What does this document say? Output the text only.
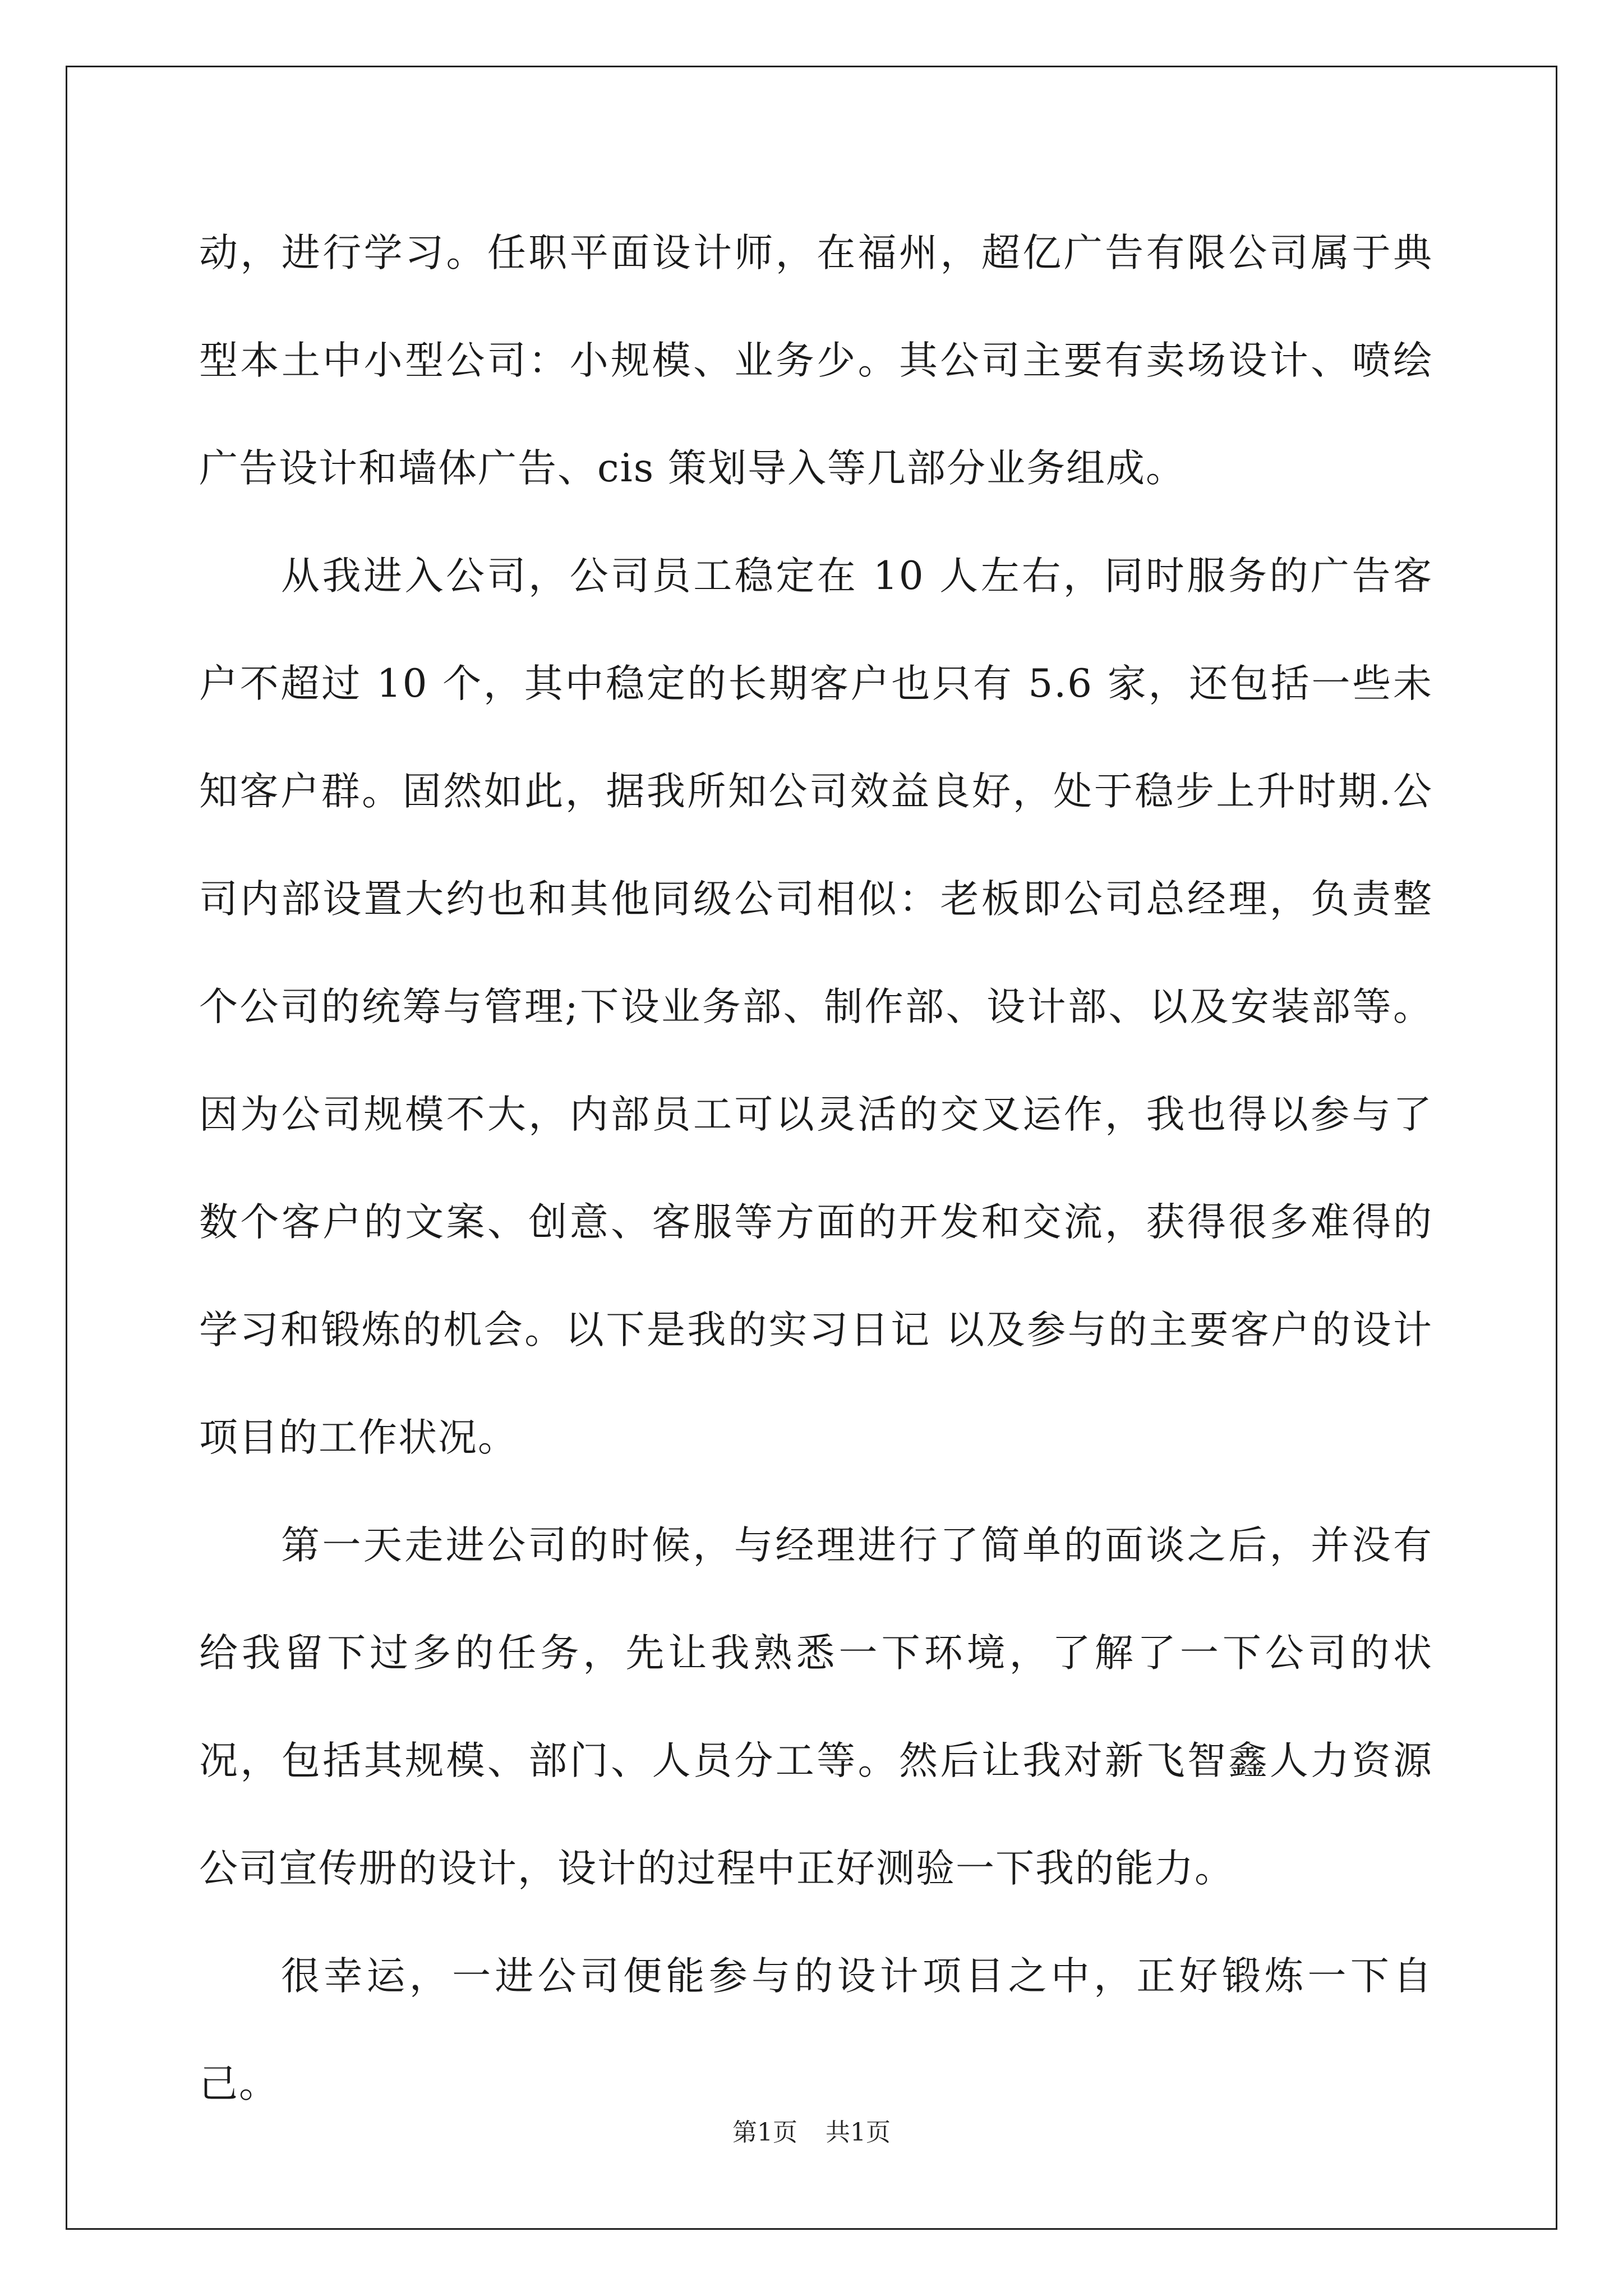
动，进行学习。任职平面设计师，在福州，超亿广告有限公司属于典型本土中小型公司：小规模、业务少。其公司主要有卖场设计、喷绘广告设计和墙体广告、cis 策划导入等几部分业务组成。

从我进入公司，公司员工稳定在 10 人左右，同时服务的广告客户不超过 10 个，其中稳定的长期客户也只有 5.6 家，还包括一些未知客户群。固然如此，据我所知公司效益良好，处于稳步上升时期.公司内部设置大约也和其他同级公司相似：老板即公司总经理，负责整个公司的统筹与管理;下设业务部、制作部、设计部、以及安装部等。因为公司规模不大，内部员工可以灵活的交叉运作，我也得以参与了数个客户的文案、创意、客服等方面的开发和交流，获得很多难得的学习和锻炼的机会。以下是我的实习日记 以及参与的主要客户的设计项目的工作状况。

第一天走进公司的时候，与经理进行了简单的面谈之后，并没有给我留下过多的任务，先让我熟悉一下环境，了解了一下公司的状况，包括其规模、部门、人员分工等。然后让我对新飞智鑫人力资源公司宣传册的设计，设计的过程中正好测验一下我的能力。

很幸运，一进公司便能参与的设计项目之中，正好锻炼一下自己。

第1页 共1页
